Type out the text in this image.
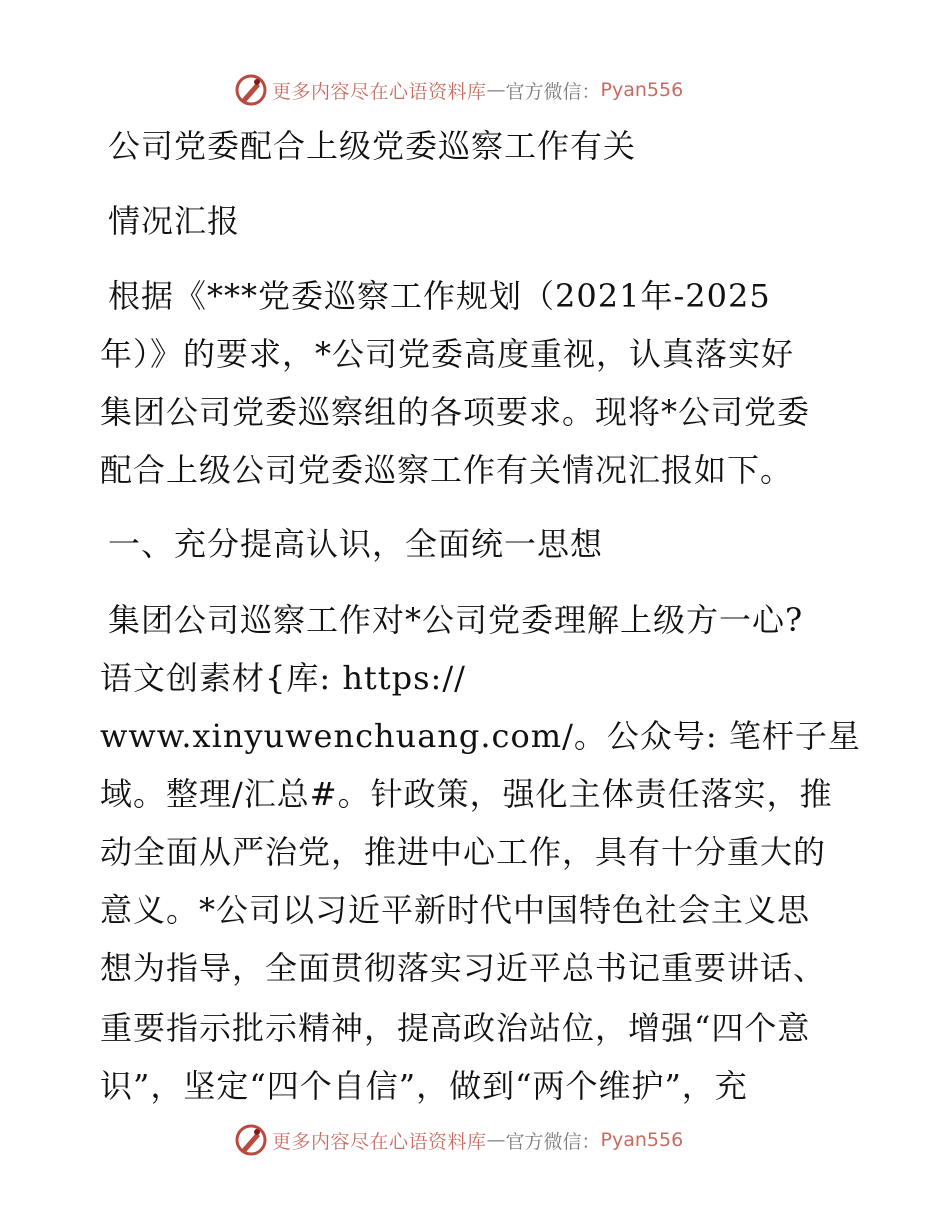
更多内容尽在心语资料库 — 官方微信： Pyan556
公司党委配合上级党委巡察工作有关
情况汇报
根据《***党委巡察工作规划（2021年-2025
年）》的要求，*公司党委高度重视，认真落实好
集团公司党委巡察组的各项要求。现将*公司党委
配合上级公司党委巡察工作有关情况汇报如下。
一、充分提高认识，全面统一思想
集团公司巡察工作对*公司党委理解上级方一心?
语文创素材{库: https://
www.xinyuwenchuang.com/。公众号: 笔杆子星
域。整理/汇总#。针政策，强化主体责任落实，推
动全面从严治党，推进中心工作，具有十分重大的
意义。*公司以习近平新时代中国特色社会主义思
想为指导，全面贯彻落实习近平总书记重要讲话、
重要指示批示精神，提高政治站位，增强“四个意
识”，坚定“四个自信”，做到“两个维护”，充
更多内容尽在心语资料库 — 官方微信： Pyan556
